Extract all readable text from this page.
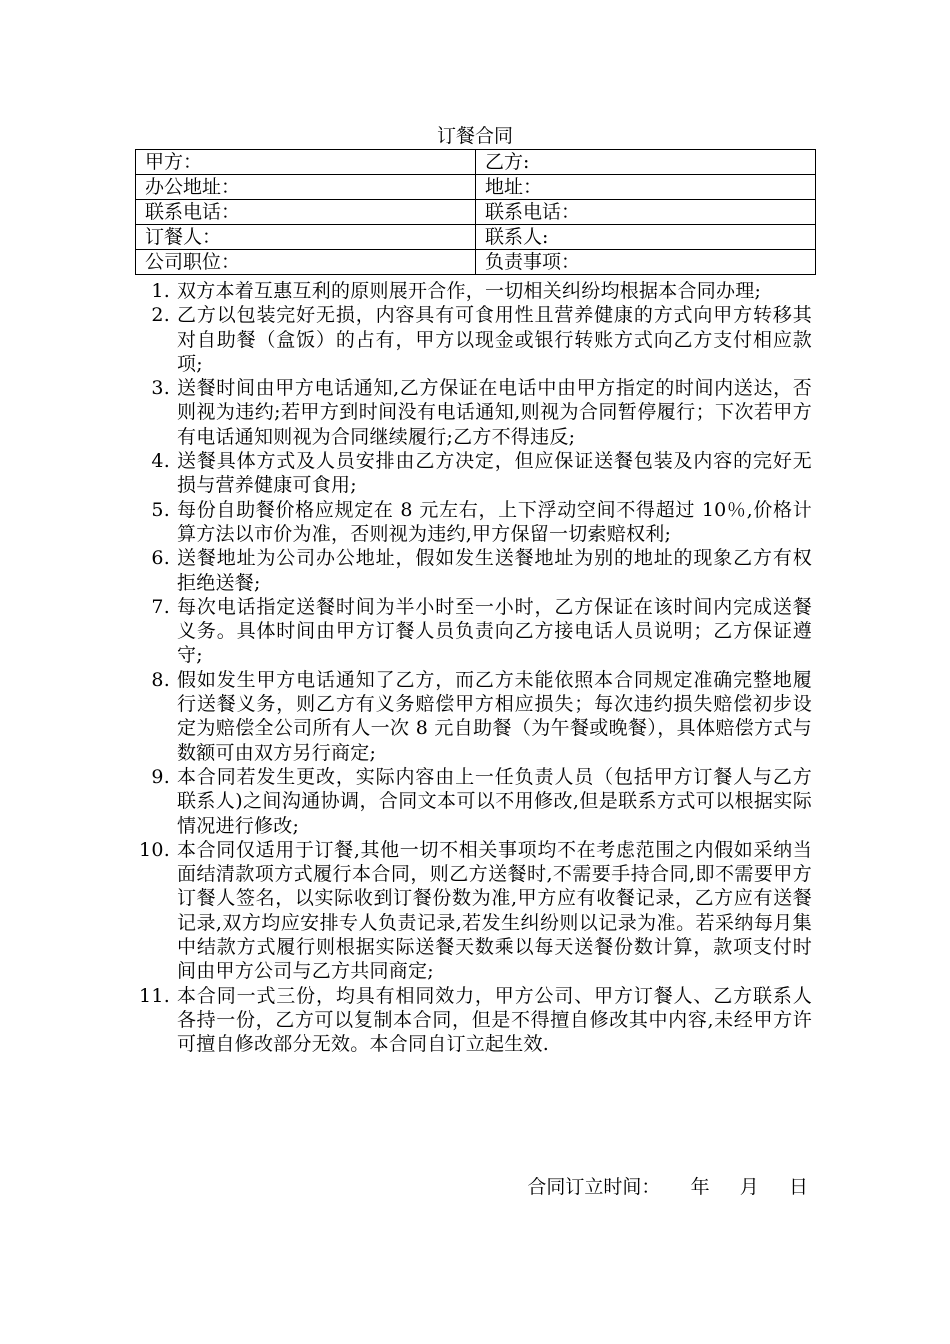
订餐合同
甲方：	乙方:
办公地址：	地址：
联系电话：	联系电话：
订餐人：	联系人:
公司职位：	负责事项：
1. 双方本着互惠互利的原则展开合作，一切相关纠纷均根据本合同办理;
2. 乙方以包装完好无损，内容具有可食用性且营养健康的方式向甲方转移其对自助餐（盒饭）的占有，甲方以现金或银行转账方式向乙方支付相应款项;
3. 送餐时间由甲方电话通知,乙方保证在电话中由甲方指定的时间内送达，否则视为违约;若甲方到时间没有电话通知,则视为合同暂停履行；下次若甲方有电话通知则视为合同继续履行;乙方不得违反;
4. 送餐具体方式及人员安排由乙方决定，但应保证送餐包装及内容的完好无损与营养健康可食用;
5. 每份自助餐价格应规定在 8 元左右，上下浮动空间不得超过 10％,价格计算方法以市价为准，否则视为违约,甲方保留一切索赔权利;
6. 送餐地址为公司办公地址，假如发生送餐地址为别的地址的现象乙方有权拒绝送餐;
7. 每次电话指定送餐时间为半小时至一小时，乙方保证在该时间内完成送餐义务。具体时间由甲方订餐人员负责向乙方接电话人员说明；乙方保证遵守;
8. 假如发生甲方电话通知了乙方，而乙方未能依照本合同规定准确完整地履行送餐义务，则乙方有义务赔偿甲方相应损失；每次违约损失赔偿初步设定为赔偿全公司所有人一次 8 元自助餐（为午餐或晚餐），具体赔偿方式与数额可由双方另行商定;
9. 本合同若发生更改，实际内容由上一任负责人员（包括甲方订餐人与乙方联系人)之间沟通协调，合同文本可以不用修改,但是联系方式可以根据实际情况进行修改;
10. 本合同仅适用于订餐,其他一切不相关事项均不在考虑范围之内假如采纳当面结清款项方式履行本合同，则乙方送餐时,不需要手持合同,即不需要甲方订餐人签名，以实际收到订餐份数为准,甲方应有收餐记录，乙方应有送餐记录,双方均应安排专人负责记录,若发生纠纷则以记录为准。若采纳每月集中结款方式履行则根据实际送餐天数乘以每天送餐份数计算，款项支付时间由甲方公司与乙方共同商定;
11. 本合同一式三份，均具有相同效力，甲方公司、甲方订餐人、乙方联系人各持一份，乙方可以复制本合同，但是不得擅自修改其中内容,未经甲方许可擅自修改部分无效。本合同自订立起生效.
合同订立时间：     年     月     日
